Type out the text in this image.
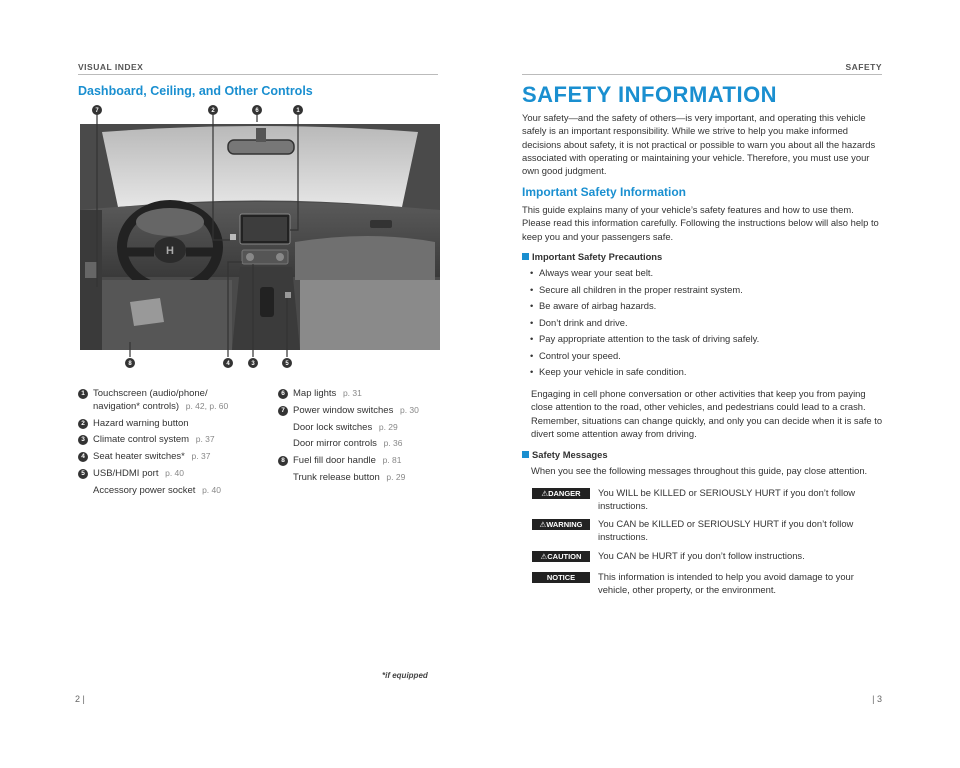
VISUAL INDEX
Dashboard, Ceiling, and Other Controls
H
7	2	6	1
8	4	3	5
1 Touchscreen (audio/phone/
navigation* controls) p. 42, p. 60
2 Hazard warning button
3 Climate control system p. 37
4 Seat heater switches* p. 37
5 USB/HDMI port p. 40
Accessory power socket p. 40
6 Map lights p. 31
7 Power window switches p. 30
Door lock switches p. 29
Door mirror controls p. 36
8 Fuel fill door handle p. 81
Trunk release button p. 29
*if equipped
2 |
SAFETY
SAFETY INFORMATION
Your safety—and the safety of others—is very important, and operating this vehicle safely is an important responsibility. While we strive to help you make informed decisions about safety, it is not practical or possible to warn you about all the hazards associated with operating or maintaining your vehicle. Therefore, you must use your own good judgment.
Important Safety Information
This guide explains many of your vehicle’s safety features and how to use them. Please read this information carefully. Following the instructions below will also help to keep you and your passengers safe.
Important Safety Precautions
• Always wear your seat belt.
• Secure all children in the proper restraint system.
• Be aware of airbag hazards.
• Don’t drink and drive.
• Pay appropriate attention to the task of driving safely.
• Control your speed.
• Keep your vehicle in safe condition.
Engaging in cell phone conversation or other activities that keep you from paying close attention to the road, other vehicles, and pedestrians could lead to a crash. Remember, situations can change quickly, and only you can decide when it is safe to divert some attention away from driving.
Safety Messages
When you see the following messages throughout this guide, pay close attention.
⚠DANGER	You WILL be KILLED or SERIOUSLY HURT if you don’t follow instructions.
⚠WARNING	You CAN be KILLED or SERIOUSLY HURT if you don’t follow instructions.
⚠CAUTION	You CAN be HURT if you don’t follow instructions.
NOTICE	This information is intended to help you avoid damage to your vehicle, other property, or the environment.
| 3
